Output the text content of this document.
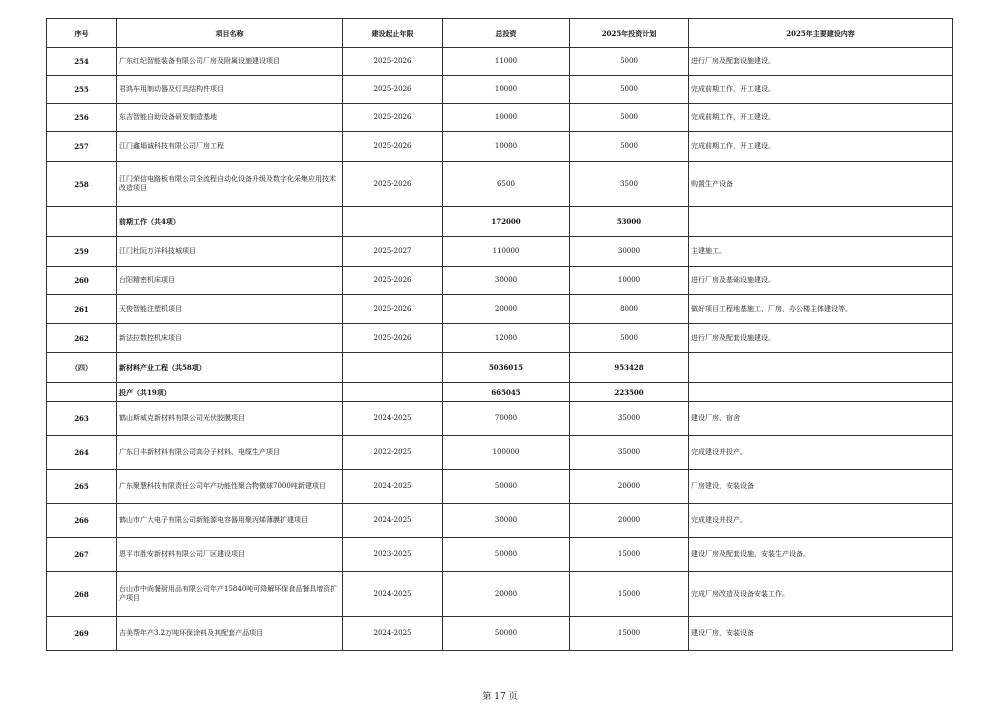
序号	项目名称	建设起止年限	总投资	2025年投资计划	2025年主要建设内容
254	广东红纪智能装备有限公司厂房及附属设施建设项目	2025-2026	11000	5000	进行厂房及配套设施建设。
255	君鸿车用制动器及灯具结构件项目	2025-2026	10000	5000	完成前期工作，开工建设。
256	东吉智能自助设备研发制造基地	2025-2026	10000	5000	完成前期工作，开工建设。
257	江门鑫塌诚科技有限公司厂房工程	2025-2026	10000	5000	完成前期工作，开工建设。
258	江门荣信电路板有限公司全流程自动化设备升级及数字化采集应用技术改造项目	2025-2026	6500	3500	购置生产设备
	前期工作（共4项）		172000	53000	
259	江门杜阮万洋科技城项目	2025-2027	110000	30000	主建施工。
260	台阳精密机床项目	2025-2026	30000	10000	进行厂房及基础设施建设。
261	天俊智能注塑机项目	2025-2026	20000	8000	做好项目工程地基施工、厂房、办公楼主体建设等。
262	新法拉数控机床项目	2025-2026	12000	5000	进行厂房及配套设施建设。
（四）	新材料产业工程（共58项）		5036015	953428	
	投产（共19项）		665045	223500	
263	鹤山斯威克新材料有限公司光伏胶膜项目	2024-2025	70000	35000	建设厂房、宿舍
264	广东日丰新材料有限公司高分子材料、电缆生产项目	2022-2025	100000	35000	完成建设并投产。
265	广东聚慧科技有限责任公司年产功能性聚合物微球7000吨新建项目	2024-2025	50000	20000	厂房建设，安装设备
266	鹤山市广大电子有限公司新能源电容器用聚丙烯薄膜扩建项目	2024-2025	30000	20000	完成建设并投产。
267	恩平市胜安新材料有限公司厂区建设项目	2023-2025	50000	15000	建设厂房及配套设施，安装生产设备。
268	台山市中尚餐厨用品有限公司年产15840吨可降解环保食品餐具增资扩产项目	2024-2025	20000	15000	完成厂房改造及设备安装工作。
269	吉美帮年产3.2万吨环保涂料及其配套产品项目	2024-2025	50000	15000	建设厂房，安装设备
第 17 页
